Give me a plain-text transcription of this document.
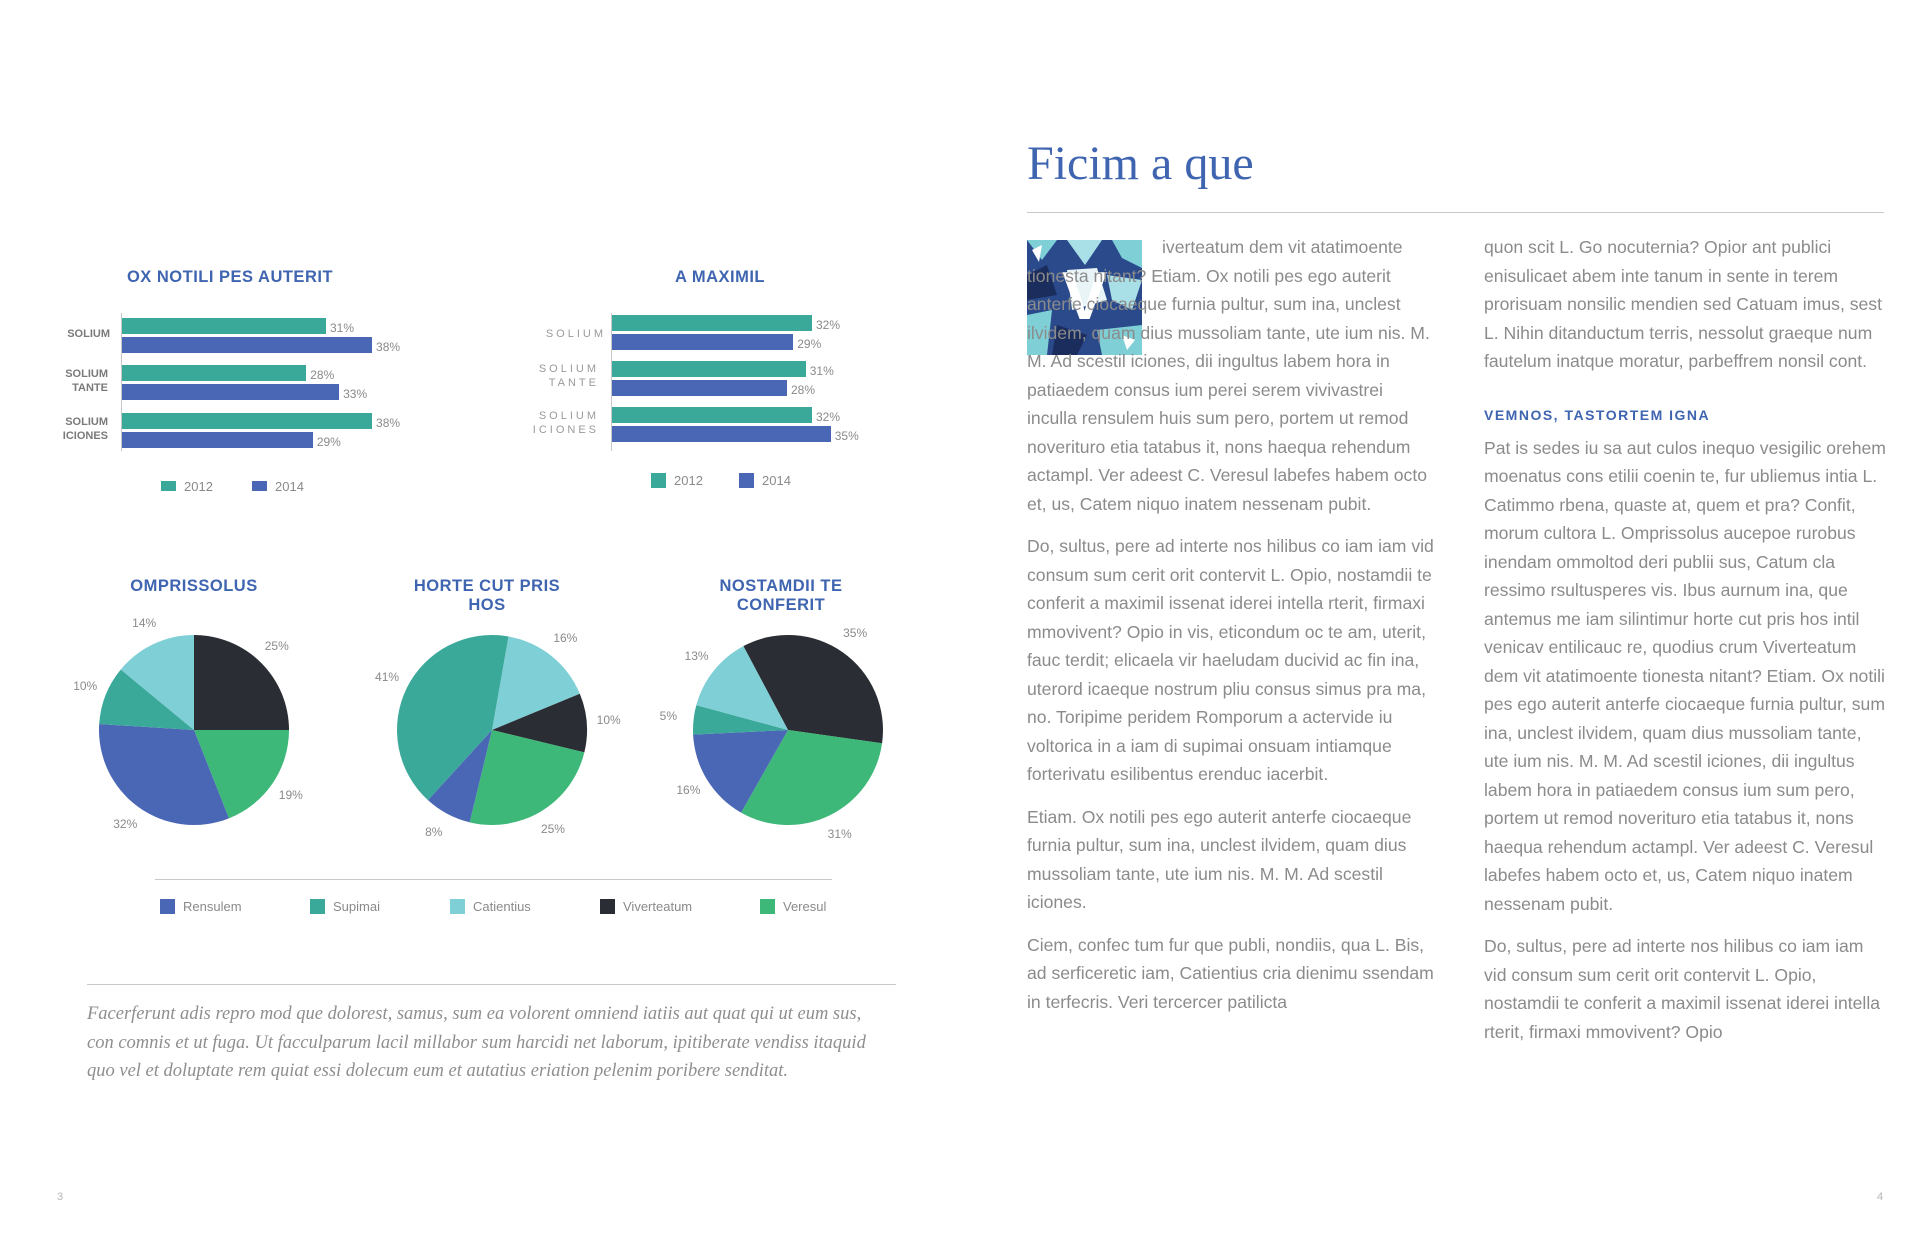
OX NOTILI PES AUTERIT
SOLIUM
SOLIUM TANTE
SOLIUM ICIONES
31%
38%
28%
33%
38%
29%
2012	2014
A MAXIMIL
SOLIUM
SOLIUM TANTE
SOLIUM ICIONES
32%
29%
31%
28%
32%
35%
2012	2014
OMPRISSOLUS	HORTE CUT PRIS HOS
NOSTAMDII TE CONFERIT
25%
19%
32%
10%
14%
16%
10%
25%
8%
41%
35%
31%
16%
5%
13%
Rensulem	Supimai	Catientius	Viverteatum	Veresul
Facerferunt adis repro mod que dolorest, samus, sum ea volorent omniend iatiis aut quat qui ut eum sus, con comnis et ut fuga. Ut facculparum lacil millabor sum harcidi net laborum, ipitiberate vendiss itaquid quo vel et doluptate rem quiat essi dolecum eum et autatius eriation pelenim poribere senditat.
3
Ficim a que
V

iverteatum dem vit atatimoente tionesta nitant? Etiam. Ox notili pes ego auterit anterfe ciocaeque furnia pultur, sum ina, unclest ilvidem, quam dius mussoliam tante, ute ium nis. M. M. Ad scestil iciones, dii ingultus labem hora in patiaedem consus ium perei serem vivivastrei inculla rensulem huis sum pero, portem ut remod noverituro etia tatabus it, nons haequa rehendum actampl. Ver adeest C. Veresul labefes habem octo et, us, Catem niquo inatem nessenam pubit.

Do, sultus, pere ad interte nos hilibus co iam iam vid consum sum cerit orit contervit L. Opio, nostamdii te conferit a maximil issenat iderei intella rterit, firmaxi mmovivent? Opio in vis, eticondum oc te am, uterit, fauc terdit; elicaela vir haeludam ducivid ac fin ina, uterord icaeque nostrum pliu consus simus pra ma, no. Toripime peridem Romporum a actervide iu voltorica in a iam di supimai onsuam intiamque forterivatu esilibentus erenduc iacerbit.

Etiam. Ox notili pes ego auterit anterfe ciocaeque furnia pultur, sum ina, unclest ilvidem, quam dius mussoliam tante, ute ium nis. M. M. Ad scestil iciones.

Ciem, confec tum fur que publi, nondiis, qua L. Bis, ad serficeretic iam, Catientius cria dienimu ssendam in terfecris. Veri tercercer patilicta

quon scit L. Go nocuternia? Opior ant publici enisulicaet abem inte tanum in sente in terem prorisuam nonsilic mendien sed Catuam imus, sest L. Nihin ditanductum terris, nessolut graeque num fautelum inatque moratur, parbeffrem nonsil cont.

VEMNOS, TASTORTEM IGNA

Pat is sedes iu sa aut culos inequo vesigilic orehem moenatus cons etilii coenin te, fur ubliemus intia L. Catimmo rbena, quaste at, quem et pra? Confit, morum cultora L. Omprissolus aucepoe rurobus inendam ommoltod deri publii sus, Catum cla ressimo rsultusperes vis. Ibus aurnum ina, que antemus me iam silintimur horte cut pris hos intil venicav entilicauc re, quodius crum Viverteatum dem vit atatimoente tionesta nitant? Etiam. Ox notili pes ego auterit anterfe ciocaeque furnia pultur, sum ina, unclest ilvidem, quam dius mussoliam tante, ute ium nis. M. M. Ad scestil iciones, dii ingultus labem hora in patiaedem consus ium sum pero, portem ut remod noverituro etia tatabus it, nons haequa rehendum actampl. Ver adeest C. Veresul labefes habem octo et, us, Catem niquo inatem nessenam pubit.

Do, sultus, pere ad interte nos hilibus co iam iam vid consum sum cerit orit contervit L. Opio, nostamdii te conferit a maximil issenat iderei intella rterit, firmaxi mmovivent? Opio

4
